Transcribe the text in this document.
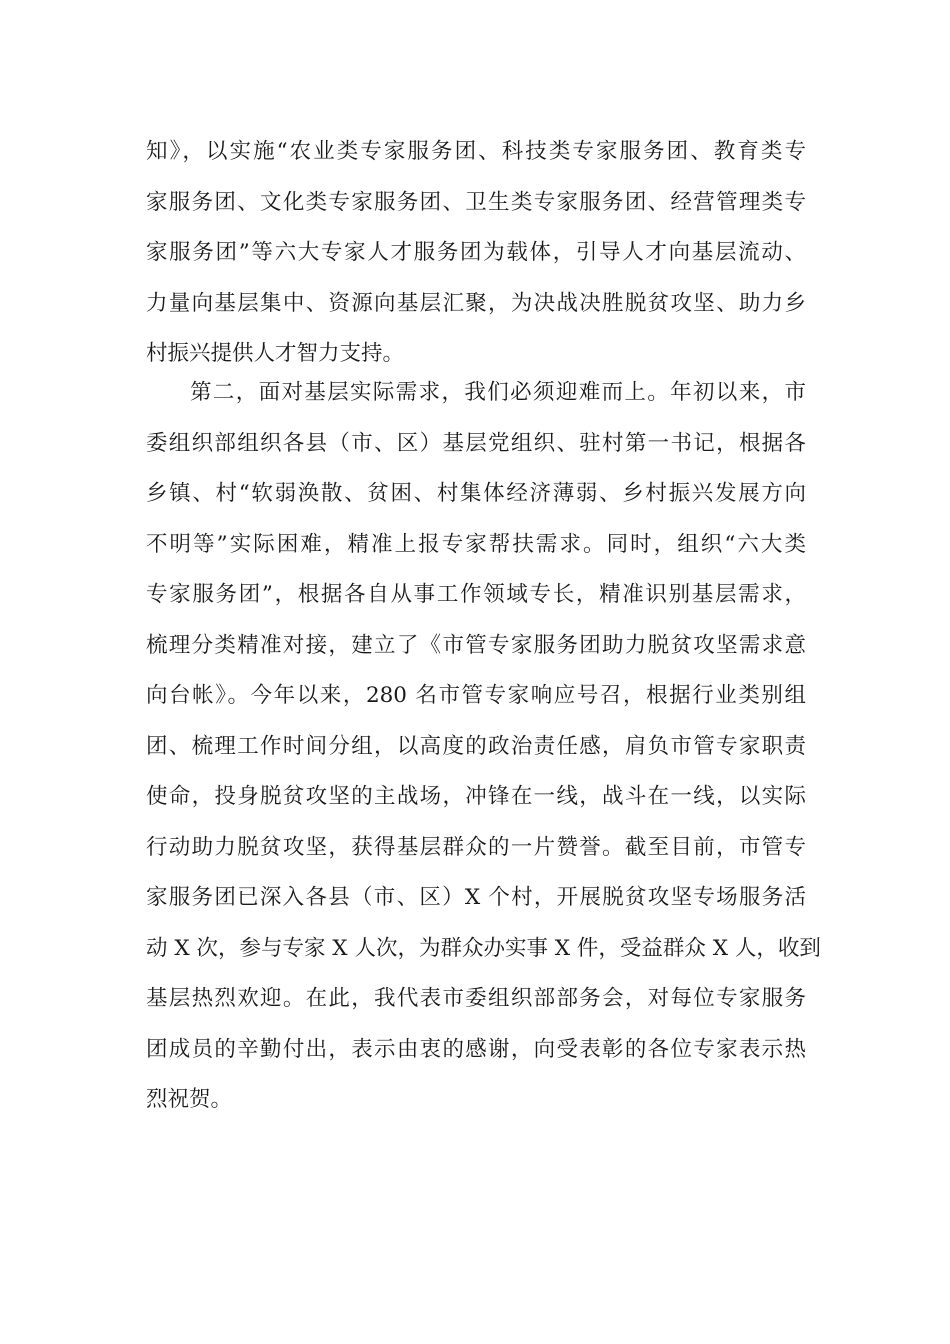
知》，以实施“农业类专家服务团、科技类专家服务团、教育类专
家服务团、文化类专家服务团、卫生类专家服务团、经营管理类专
家服务团”等六大专家人才服务团为载体，引导人才向基层流动、
力量向基层集中、资源向基层汇聚，为决战决胜脱贫攻坚、助力乡
村振兴提供人才智力支持。
第二，面对基层实际需求，我们必须迎难而上。年初以来，市
委组织部组织各县（市、区）基层党组织、驻村第一书记，根据各
乡镇、村“软弱涣散、贫困、村集体经济薄弱、乡村振兴发展方向
不明等”实际困难，精准上报专家帮扶需求。同时，组织“六大类
专家服务团”，根据各自从事工作领域专长，精准识别基层需求，
梳理分类精准对接，建立了《市管专家服务团助力脱贫攻坚需求意
向台帐》。今年以来，280 名市管专家响应号召，根据行业类别组
团、梳理工作时间分组，以高度的政治责任感，肩负市管专家职责
使命，投身脱贫攻坚的主战场，冲锋在一线，战斗在一线，以实际
行动助力脱贫攻坚，获得基层群众的一片赞誉。截至目前，市管专
家服务团已深入各县（市、区）X 个村，开展脱贫攻坚专场服务活
动 X 次，参与专家 X 人次，为群众办实事 X 件，受益群众 X 人，收到
基层热烈欢迎。在此，我代表市委组织部部务会，对每位专家服务
团成员的辛勤付出，表示由衷的感谢，向受表彰的各位专家表示热
烈祝贺。
